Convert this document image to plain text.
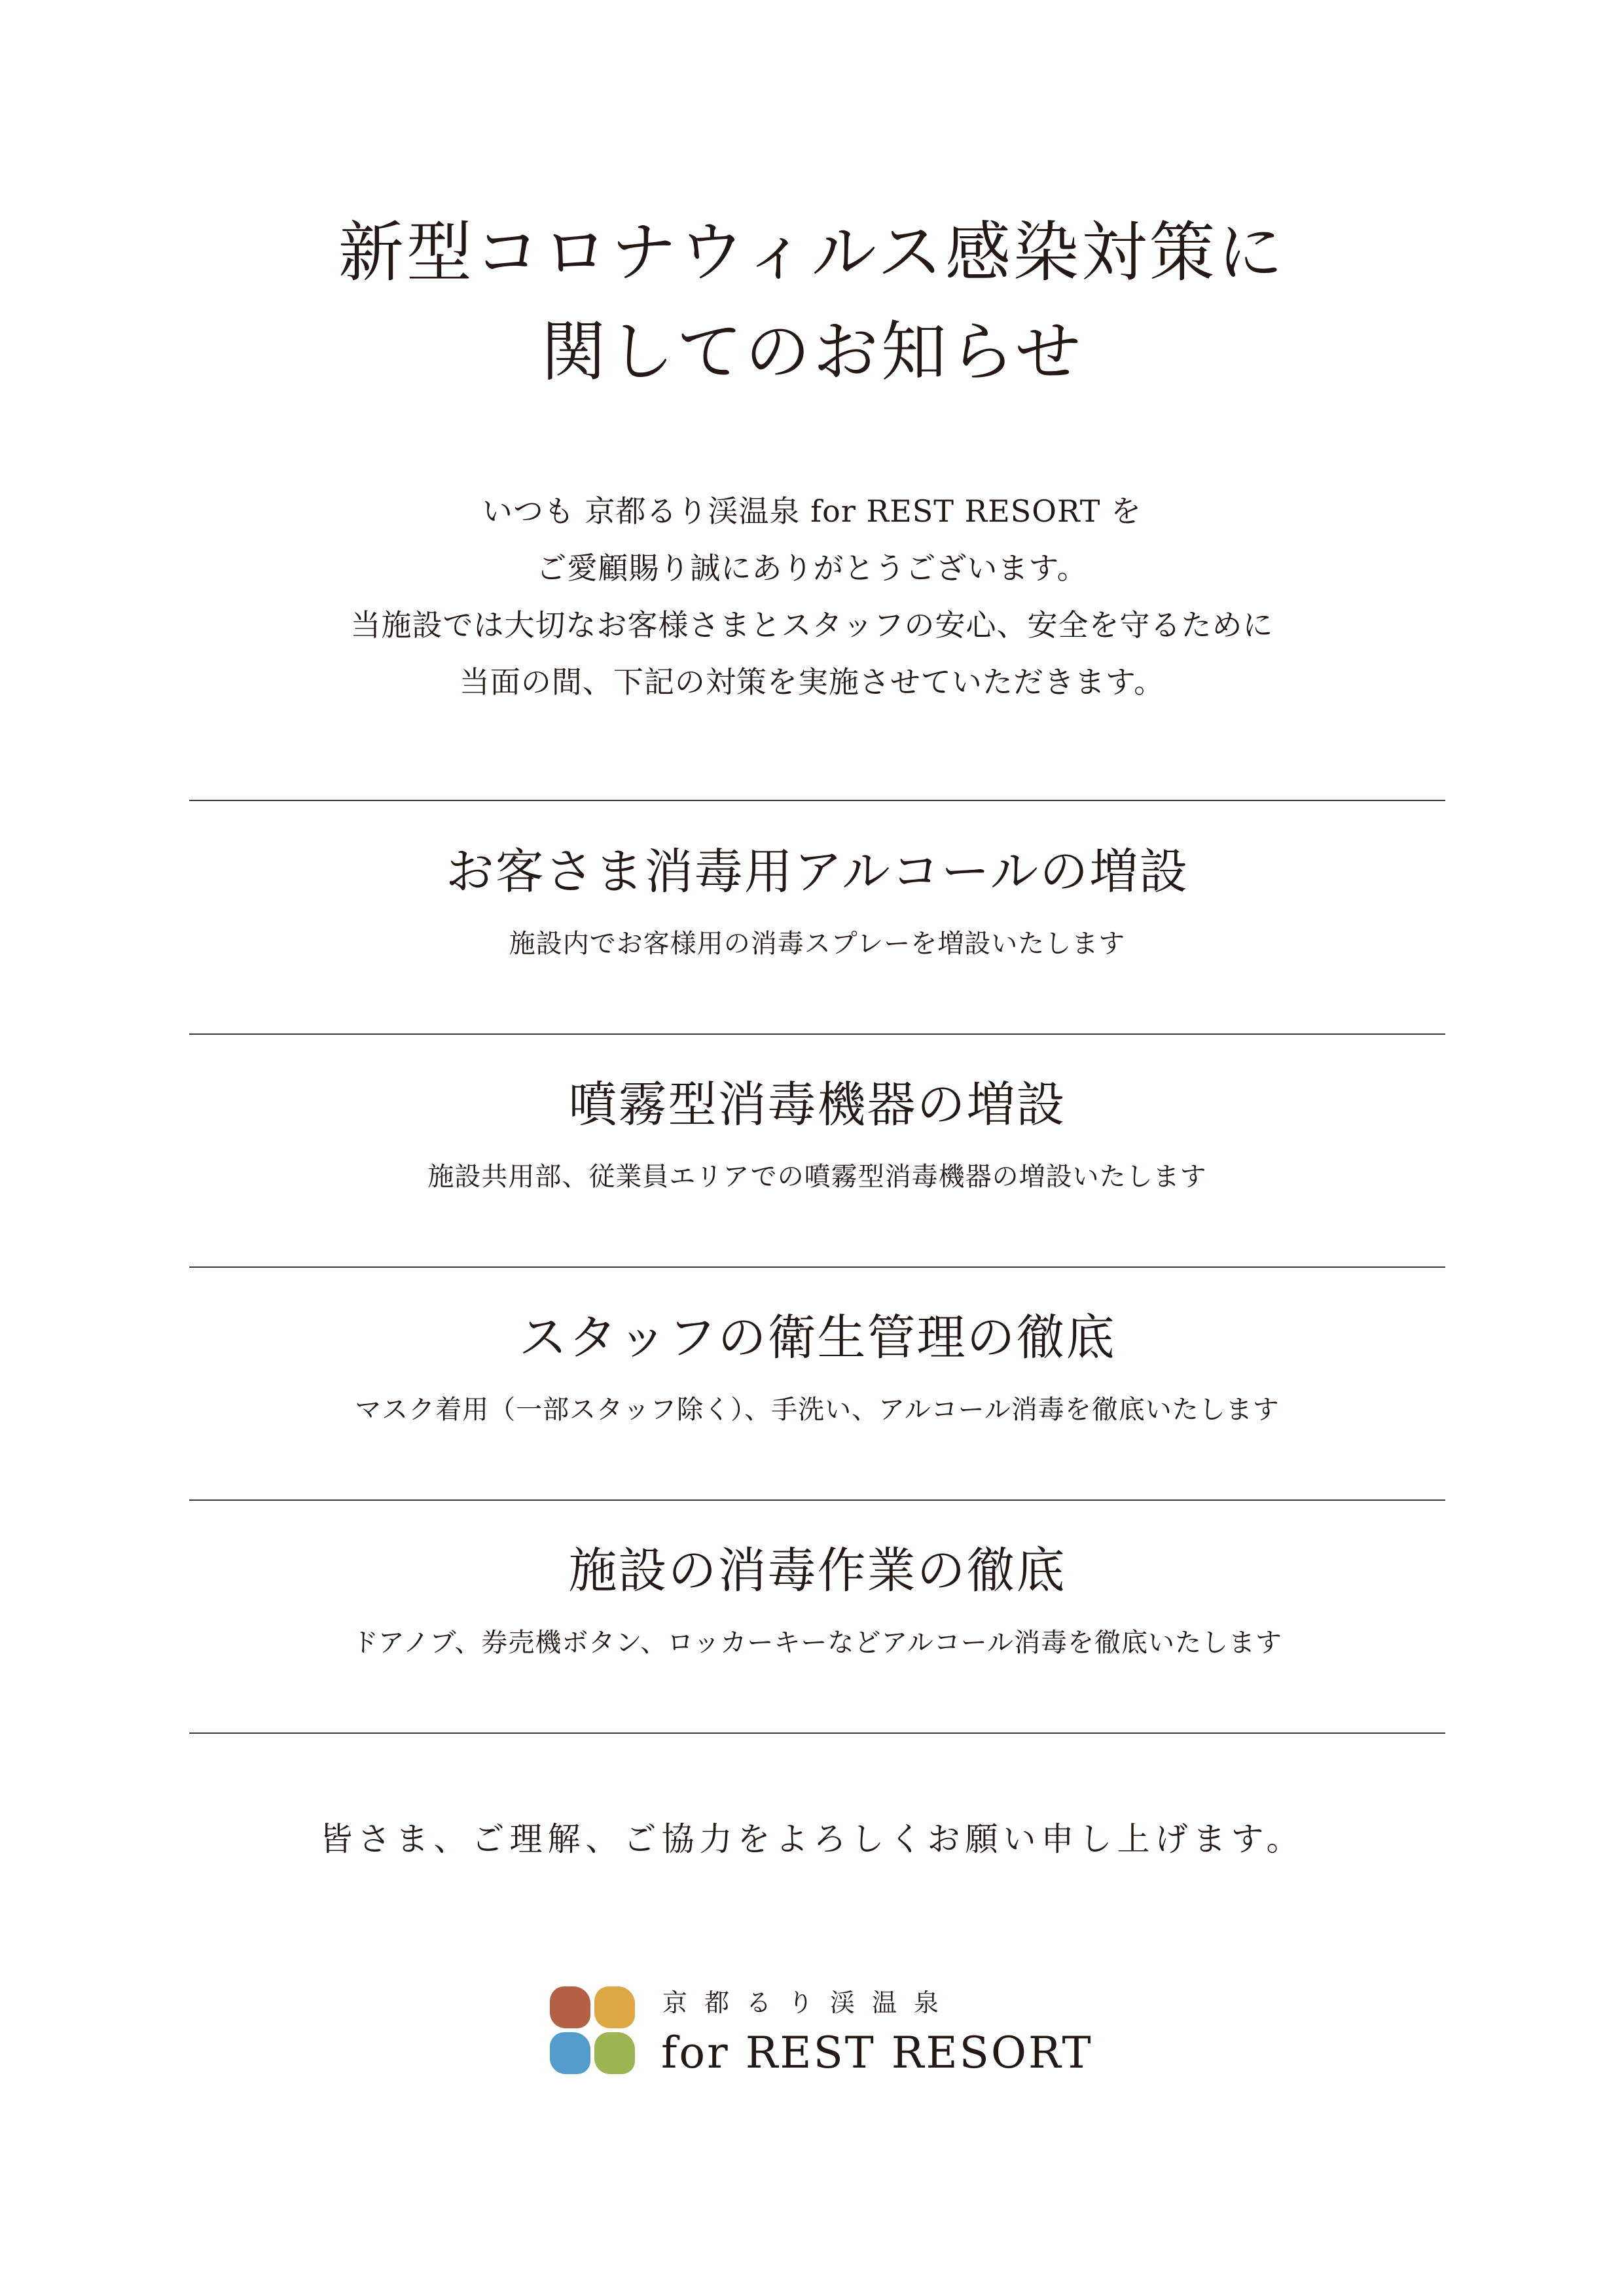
新型コロナウィルス感染対策に
関してのお知らせ
いつも 京都るり渓温泉 for REST RESORT を
ご愛顧賜り誠にありがとうございます。
当施設では大切なお客様さまとスタッフの安心、安全を守るために
当面の間、下記の対策を実施させていただきます。
お客さま消毒用アルコールの増設
施設内でお客様用の消毒スプレーを増設いたします
噴霧型消毒機器の増設
施設共用部、従業員エリアでの噴霧型消毒機器の増設いたします
スタッフの衛生管理の徹底
マスク着用（一部スタッフ除く）、手洗い、アルコール消毒を徹底いたします
施設の消毒作業の徹底
ドアノブ、券売機ボタン、ロッカーキーなどアルコール消毒を徹底いたします
皆さま、ご理解、ご協力をよろしくお願い申し上げます。
京都るり渓温泉
for REST RESORT
